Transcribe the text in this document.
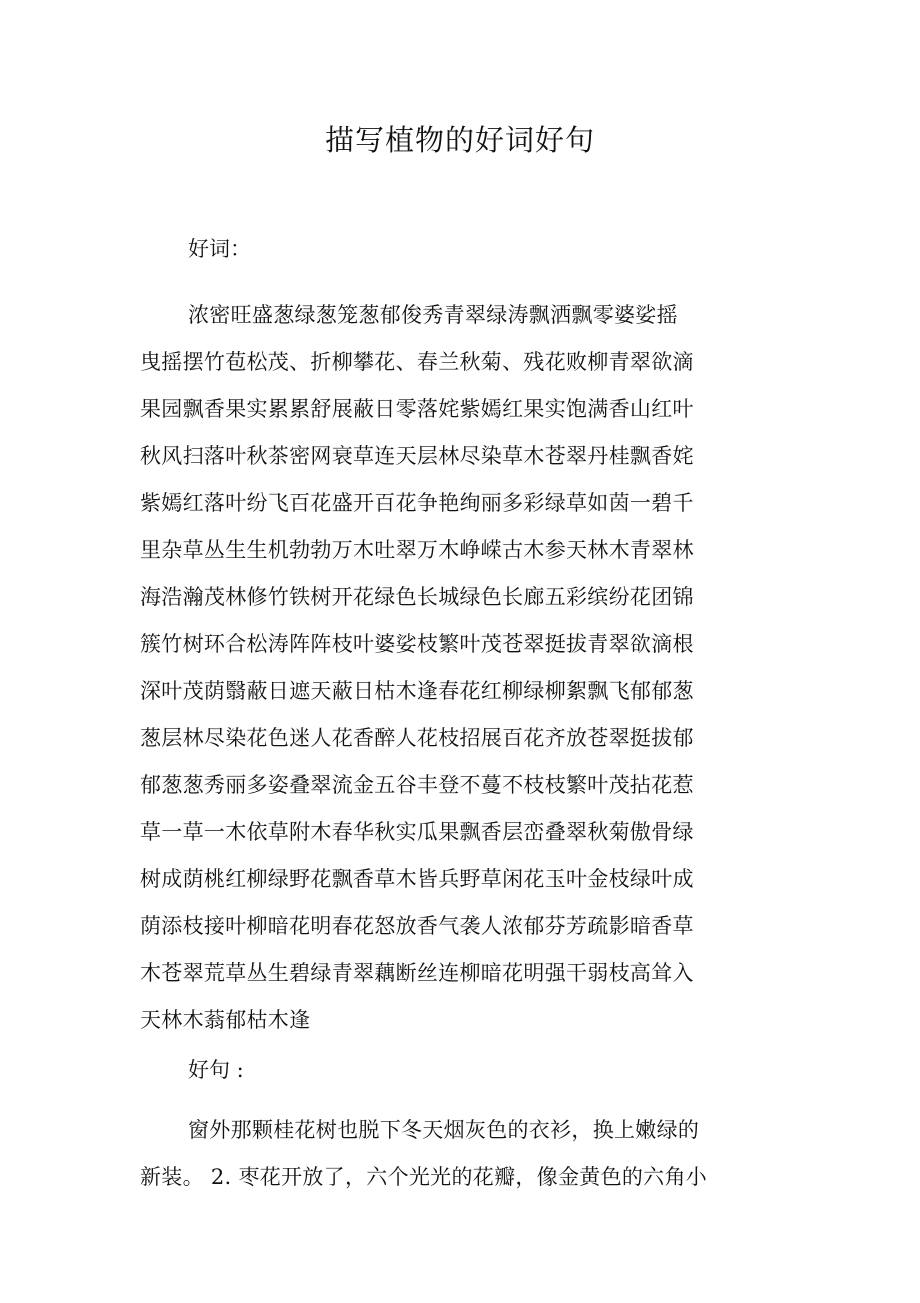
描写植物的好词好句

好词：

浓密旺盛葱绿葱笼葱郁俊秀青翠绿涛飘洒飘零婆娑摇
曳摇摆竹苞松茂、折柳攀花、春兰秋菊、残花败柳青翠欲滴
果园飘香果实累累舒展蔽日零落姹紫嫣红果实饱满香山红叶
秋风扫落叶秋茶密网衰草连天层林尽染草木苍翠丹桂飘香姹
紫嫣红落叶纷飞百花盛开百花争艳绚丽多彩绿草如茵一碧千
里杂草丛生生机勃勃万木吐翠万木峥嵘古木参天林木青翠林
海浩瀚茂林修竹铁树开花绿色长城绿色长廊五彩缤纷花团锦
簇竹树环合松涛阵阵枝叶婆娑枝繁叶茂苍翠挺拔青翠欲滴根
深叶茂荫翳蔽日遮天蔽日枯木逢春花红柳绿柳絮飘飞郁郁葱
葱层林尽染花色迷人花香醉人花枝招展百花齐放苍翠挺拔郁
郁葱葱秀丽多姿叠翠流金五谷丰登不蔓不枝枝繁叶茂拈花惹
草一草一木依草附木春华秋实瓜果飘香层峦叠翠秋菊傲骨绿
树成荫桃红柳绿野花飘香草木皆兵野草闲花玉叶金枝绿叶成
荫添枝接叶柳暗花明春花怒放香气袭人浓郁芬芳疏影暗香草
木苍翠荒草丛生碧绿青翠藕断丝连柳暗花明强干弱枝高耸入
天林木蓊郁枯木逢

好句 :

窗外那颗桂花树也脱下冬天烟灰色的衣衫，换上嫩绿的
新装。 2. 枣花开放了，六个光光的花瓣，像金黄色的六角小
